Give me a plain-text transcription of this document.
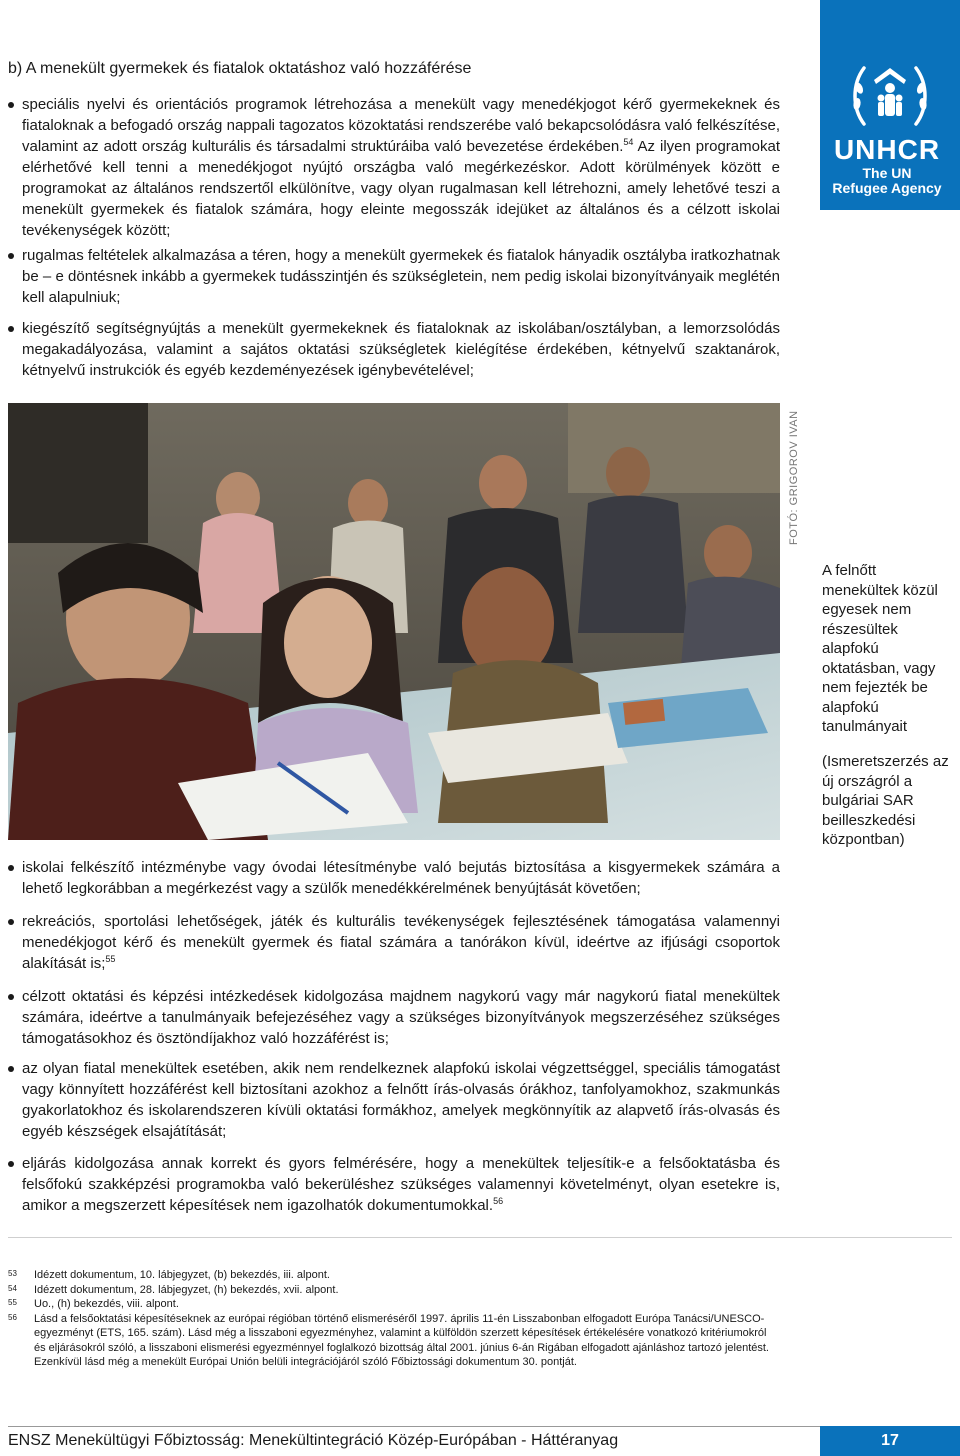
UNHCR
The UN
Refugee Agency
b) A menekült gyermekek és fiatalok oktatáshoz való hozzáférése

speciális nyelvi és orientációs programok létrehozása a menekült vagy menedékjogot kérő gyermekeknek és fiataloknak a befogadó ország nappali tagozatos közoktatási rendszerébe való bekapcsolódásra való felkészítése, valamint az adott ország kulturális és társadalmi struktúráiba való bevezetése érdekében.$^{54}$ Az ilyen programokat elérhetővé kell tenni a menedékjogot nyújtó országba való megérkezéskor. Adott körülmények között e programokat az általános rendszertől elkülönítve, vagy olyan rugalmasan kell létrehozni, amely lehetővé teszi a menekült gyermekek és fiatalok számára, hogy eleinte megosszák idejüket az általános és a célzott iskolai tevékenységek között;

rugalmas feltételek alkalmazása a téren, hogy a menekült gyermekek és fiatalok hányadik osztályba iratkozhatnak be – e döntésnek inkább a gyermekek tudásszintjén és szükségletein, nem pedig iskolai bizonyítványaik meglétén kell alapulniuk;

kiegészítő segítségnyújtás a menekült gyermekeknek és fiataloknak az iskolában/osztályban, a lemorzsolódás megakadályozása, valamint a sajátos oktatási szükségletek kielégítése érdekében, kétnyelvű szaktanárok, kétnyelvű instrukciók és egyéb kezdeményezések igénybevételével;

FOTÓ: GRIGOROV IVAN
A felnőtt menekültek közül egyesek nem részesültek alapfokú oktatásban, vagy nem fejezték be alapfokú tanulmányait
(Ismeretszerzés az új országról a bulgáriai SAR beilleszkedési központban)

iskolai felkészítő intézménybe vagy óvodai létesítménybe való bejutás biztosítása a kisgyermekek számára a lehető legkorábban a megérkezést vagy a szülők menedékkérelmének benyújtását követően;

rekreációs, sportolási lehetőségek, játék és kulturális tevékenységek fejlesztésének támogatása valamennyi menedékjogot kérő és menekült gyermek és fiatal számára a tanórákon kívül, ideértve az ifjúsági csoportok alakítását is;$^{55}$

célzott oktatási és képzési intézkedések kidolgozása majdnem nagykorú vagy már nagykorú fiatal menekültek számára, ideértve a tanulmányaik befejezéséhez vagy a szükséges bizonyítványok megszerzéséhez szükséges támogatásokhoz és ösztöndíjakhoz való hozzáférést is;

az olyan fiatal menekültek esetében, akik nem rendelkeznek alapfokú iskolai végzettséggel, speciális támogatást vagy könnyített hozzáférést kell biztosítani azokhoz a felnőtt írás-olvasás órákhoz, tanfolyamokhoz, szakmunkás gyakorlatokhoz és iskolarendszeren kívüli oktatási formákhoz, amelyek megkönnyítik az alapvető írás-olvasás és egyéb készségek elsajátítását;

eljárás kidolgozása annak korrekt és gyors felmérésére, hogy a menekültek teljesítik-e a felsőoktatásba és felsőfokú szakképzési programokba való bekerüléshez szükséges valamennyi követelményt, olyan esetekre is, amikor a megszerzett képesítések nem igazolhatók dokumentumokkal.$^{56}$

53 Idézett dokumentum, 10. lábjegyzet, (b) bekezdés, iii. alpont.
54 Idézett dokumentum, 28. lábjegyzet, (h) bekezdés, xvii. alpont.
55 Uo., (h) bekezdés, viii. alpont.
56 Lásd a felsőoktatási képesítéseknek az európai régióban történő elismeréséről 1997. április 11-én Lisszabonban elfogadott Európa Tanácsi/UNESCO-egyezményt (ETS, 165. szám). Lásd még a lisszaboni egyezményhez, valamint a külföldön szerzett képesítések értékelésére vonatkozó kritériumokról és eljárásokról szóló, a lisszaboni elismerési egyezménnyel foglalkozó bizottság által 2001. június 6-án Rigában elfogadott ajánláshoz tartozó jelentést. Ezenkívül lásd még a menekült Európai Unión belüli integrációjáról szóló Főbiztossági dokumentum 30. pontját.
ENSZ Menekültügyi Főbiztosság: Menekültintegráció Közép-Európában - Háttéranyag	17
